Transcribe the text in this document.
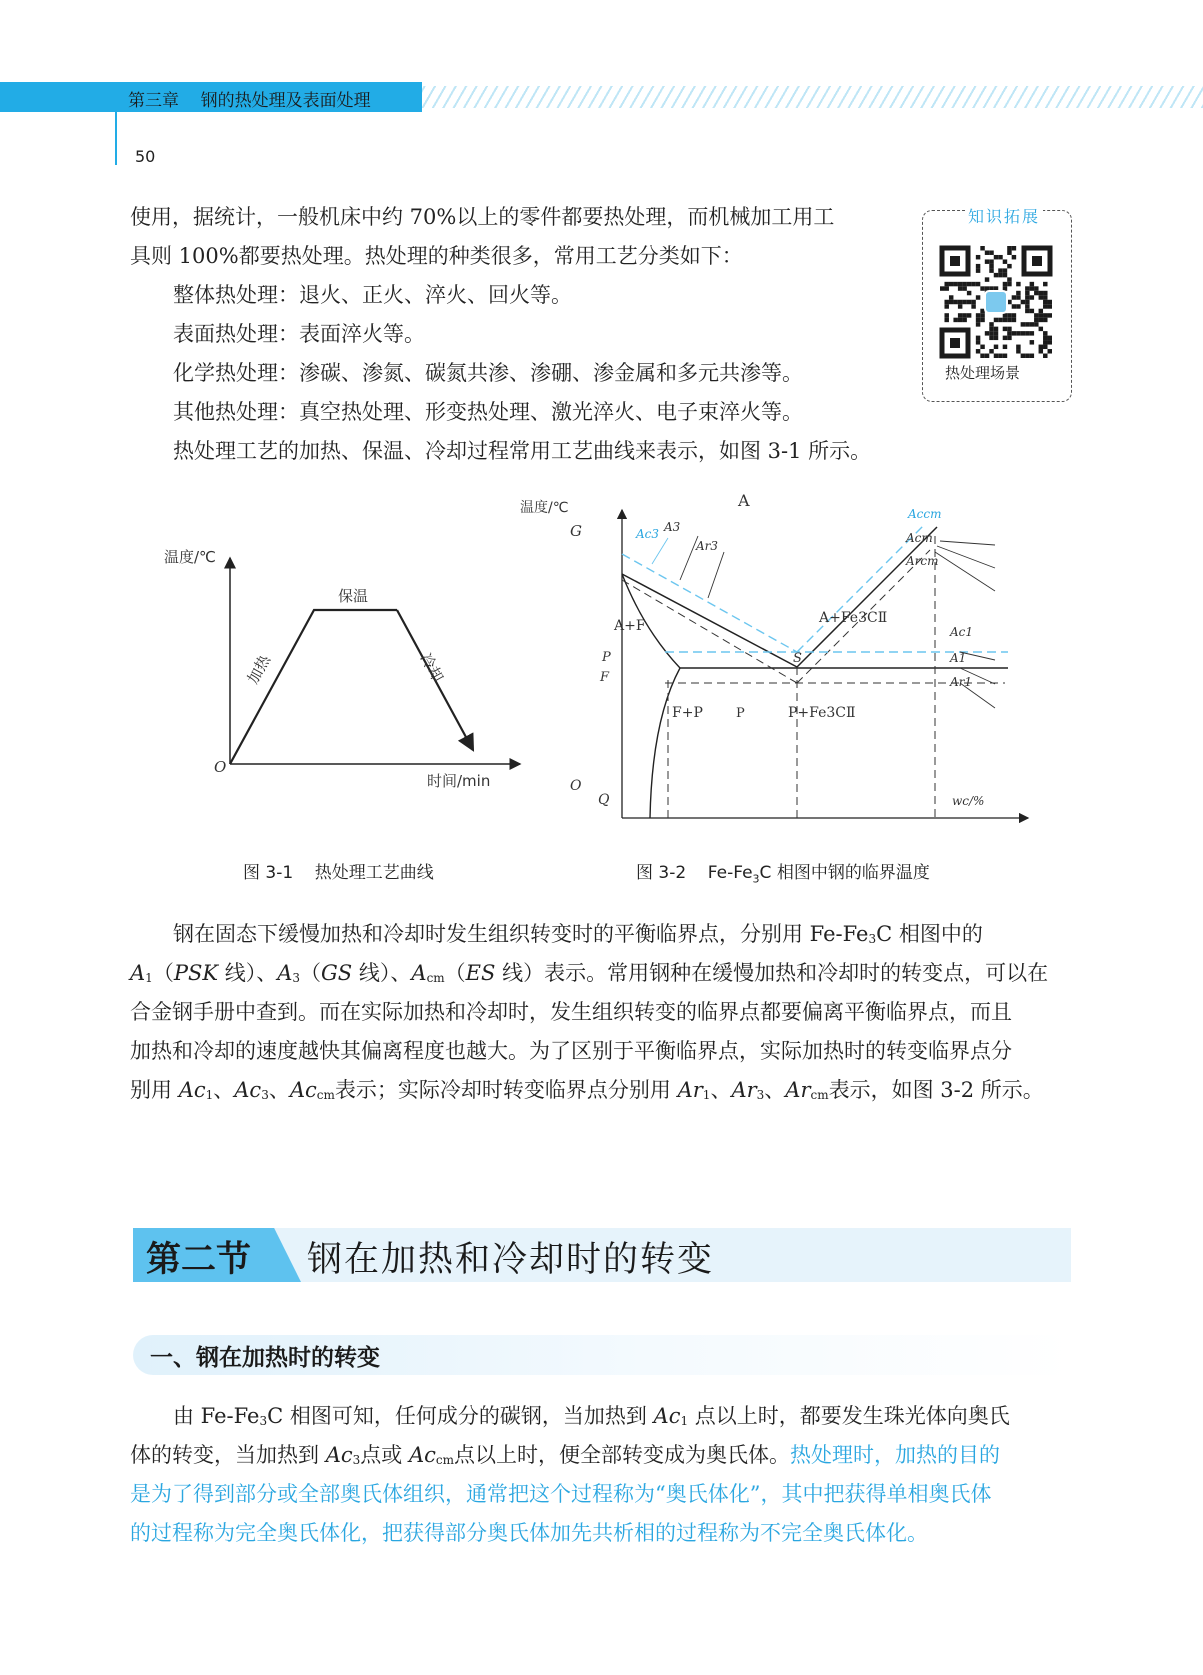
第三章    钢的热处理及表面处理
50
使用，据统计，一般机床中约 70%以上的零件都要热处理，而机械加工用工
具则 100%都要热处理。热处理的种类很多，常用工艺分类如下：
整体热处理：退火、正火、淬火、回火等。
表面热处理：表面淬火等。
化学热处理：渗碳、渗氮、碳氮共渗、渗硼、渗金属和多元共渗等。
其他热处理：真空热处理、形变热处理、激光淬火、电子束淬火等。
热处理工艺的加热、保温、冷却过程常用工艺曲线来表示，如图 3-1 所示。
知识拓展
热处理场景
温度/℃
时间/min
O
保温
加热	冷却
图 3-1    热处理工艺曲线
温度/℃	A
G
S
A+F
P
F
P
F+P	P+Fe3CⅡ
A+Fe3CⅡ
Q
O
wc/%
Ac3 A3
Ar3
Accm
Acm
Arcm
Ac1
A1
Ar1
图 3-2    $Fe-Fe_3C$ 相图中钢的临界温度
钢在固态下缓慢加热和冷却时发生组织转变时的平衡临界点，分别用 $Fe-Fe_3C$ 相图中的
$A_1(PSK$ 线）、$A_3(GS$ 线）、$A_{cm}(ES$ 线）表示。常用钢种在缓慢加热和冷却时的转变点，可以在
合金钢手册中查到。而在实际加热和冷却时，发生组织转变的临界点都要偏离平衡临界点，而且
加热和冷却的速度越快其偏离程度也越大。为了区别于平衡临界点，实际加热时的转变临界点分
别用 $Ac_1$、$Ac_3$、$Ac_{cm}$表示；实际冷却时转变临界点分别用 $Ar_1$、$Ar_3$、$Ar_{cm}$表示，如图 3-2 所示。
第二节 钢在加热和冷却时的转变
一、钢在加热时的转变
由 $Fe-Fe_3C$ 相图可知，任何成分的碳钢，当加热到 $Ac_1$ 点以上时，都要发生珠光体向奥氏
体的转变，当加热到 $Ac_3$点或 $Ac_{cm}$点以上时，便全部转变成为奥氏体。热处理时，加热的目的
是为了得到部分或全部奥氏体组织，通常把这个过程称为“奥氏体化”，其中把获得单相奥氏体
的过程称为完全奥氏体化，把获得部分奥氏体加先共析相的过程称为不完全奥氏体化。
